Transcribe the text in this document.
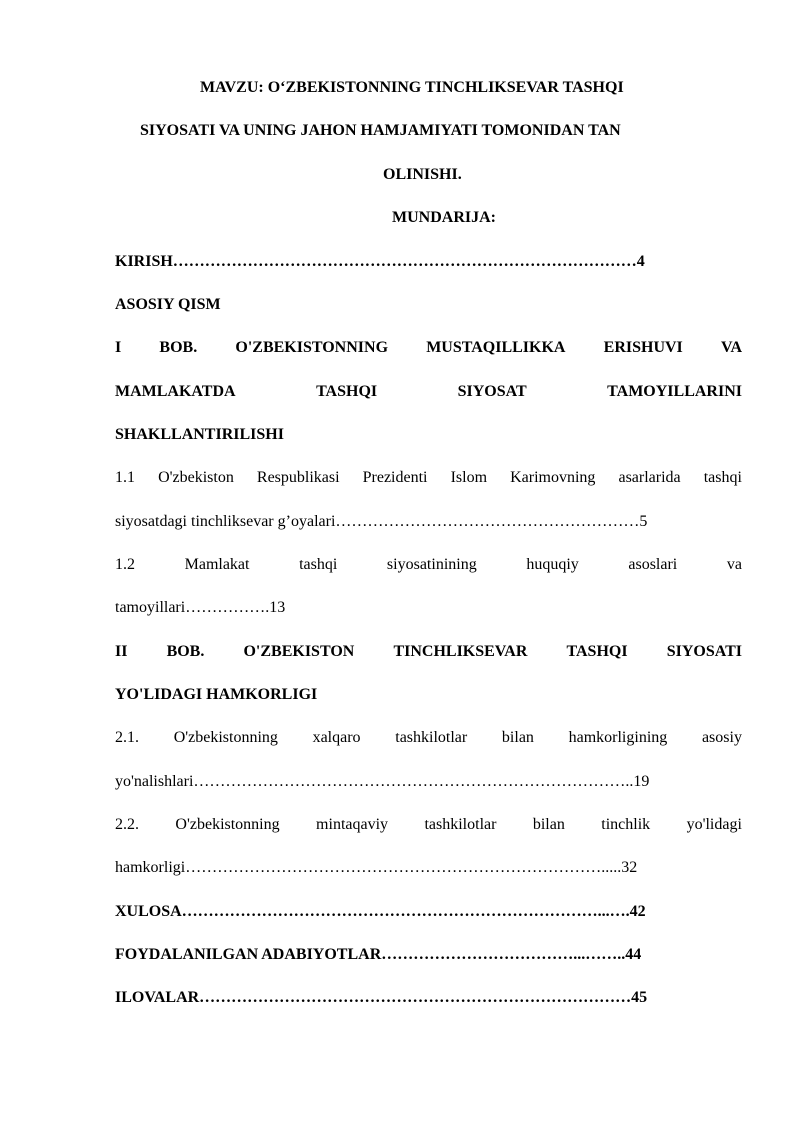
MAVZU: O‘ZBEKISTONNING TINCHLIKSEVAR TASHQI
SIYOSATI VA UNING JAHON HAMJAMIYATI TOMONIDAN TAN
OLINISHI.
MUNDARIJA:
KIRISH……………………………………………………………………………4
ASOSIY QISM
I BOB. O'ZBEKISTONNING MUSTAQILLIKKA ERISHUVI VA
MAMLAKATDA	TASHQI	SIYOSAT	TAMOYILLARINI
SHAKLLANTIRILISHI
1.1 O'zbekiston Respublikasi Prezidenti Islom Karimovning asarlarida tashqi
siyosatdagi tinchliksevar g’oyalari…………………………………………………5
1.2	Mamlakat	tashqi	siyosatinining	huquqiy	asoslari	va
tamoyillari…………….13
II BOB. O'ZBEKISTON TINCHLIKSEVAR TASHQI SIYOSATI
YO'LIDAGI HAMKORLIGI
2.1. O'zbekistonning xalqaro tashkilotlar bilan hamkorligining asosiy
yo'nalishlari………………………………………………………………………..19
2.2. O'zbekistonning mintaqaviy tashkilotlar bilan tinchlik yo'lidagi
hamkorligi…………………………………………………………………….....32
XULOSA……………………………………………………………………...….42
FOYDALANILGAN ADABIYOTLAR………………………………...……..44
ILOVALAR………………………………………………………………………45
